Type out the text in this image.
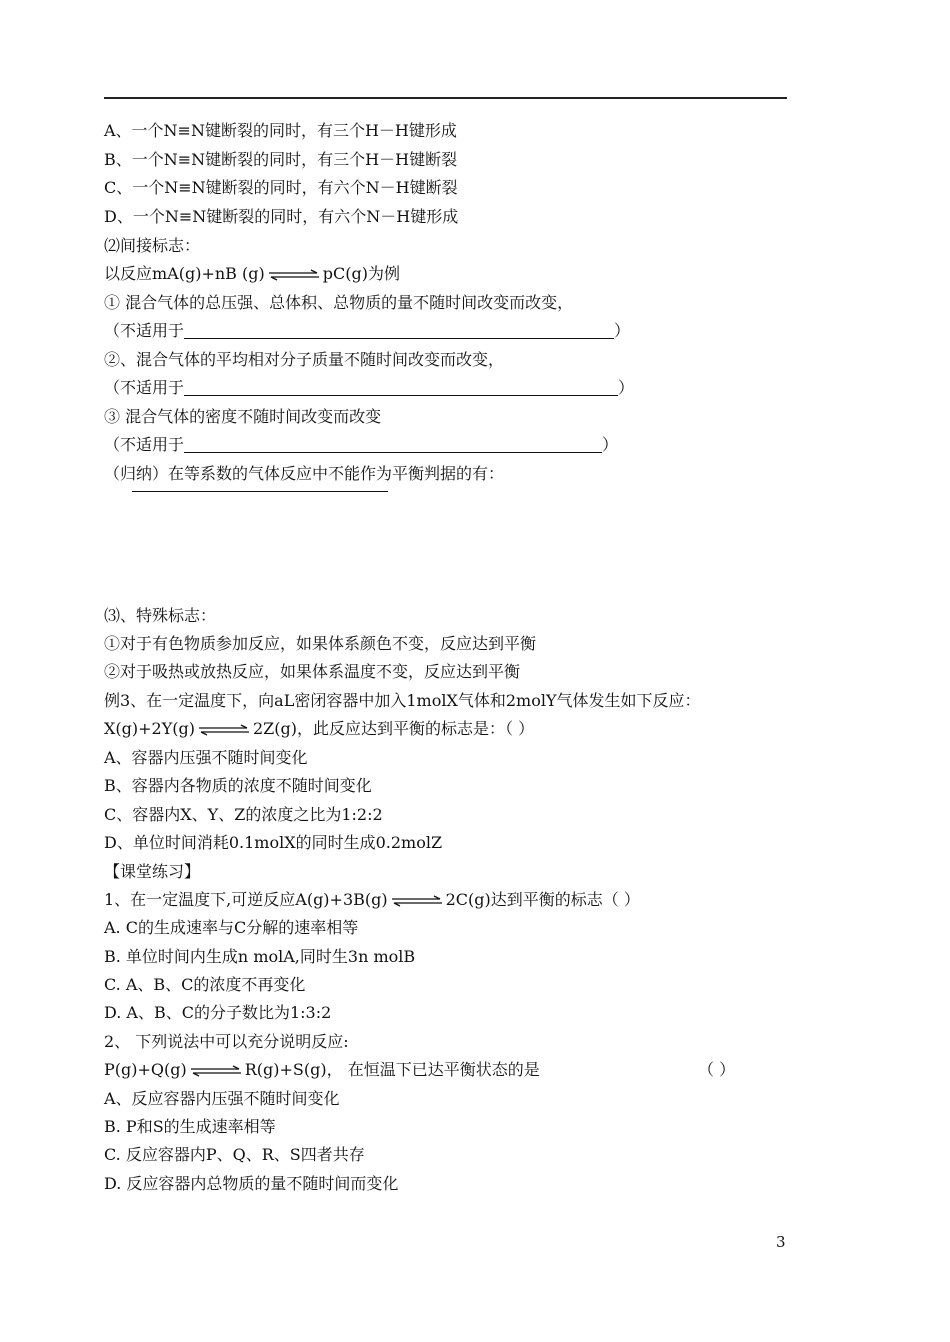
A、一个N≡N键断裂的同时，有三个H－H键形成
B、一个N≡N键断裂的同时，有三个H－H键断裂
C、一个N≡N键断裂的同时，有六个N－H键断裂
D、一个N≡N键断裂的同时，有六个N－H键形成
⑵间接标志：
以反应mA(g)+nB (g) ⇌ pC(g)为例
① 混合气体的总压强、总体积、总物质的量不随时间改变而改变，
（不适用于	）
②、混合气体的平均相对分子质量不随时间改变而改变，
（不适用于	）
③ 混合气体的密度不随时间改变而改变
（不适用于	）
（归纳）在等系数的气体反应中不能作为平衡判据的有：
⑶、特殊标志：
①对于有色物质参加反应，如果体系颜色不变，反应达到平衡
②对于吸热或放热反应，如果体系温度不变，反应达到平衡
例3、在一定温度下，向aL密闭容器中加入1molX气体和2molY气体发生如下反应：
X(g)+2Y(g) ⇌ 2Z(g)，此反应达到平衡的标志是：（ ）
A、容器内压强不随时间变化
B、容器内各物质的浓度不随时间变化
C、容器内X、Y、Z的浓度之比为1:2:2
D、单位时间消耗0.1molX的同时生成0.2molZ
【课堂练习】
1、在一定温度下,可逆反应A(g)+3B(g) ⇌ 2C(g)达到平衡的标志（ ）
A. C的生成速率与C分解的速率相等
B. 单位时间内生成n molA,同时生3n molB
C. A、B、C的浓度不再变化
D. A、B、C的分子数比为1:3:2
2、 下列说法中可以充分说明反应:
P(g)+Q(g) ⇌ R(g)+S(g)， 在恒温下已达平衡状态的是	（ ）
A、反应容器内压强不随时间变化
B. P和S的生成速率相等
C. 反应容器内P、Q、R、S四者共存
D. 反应容器内总物质的量不随时间而变化
3
